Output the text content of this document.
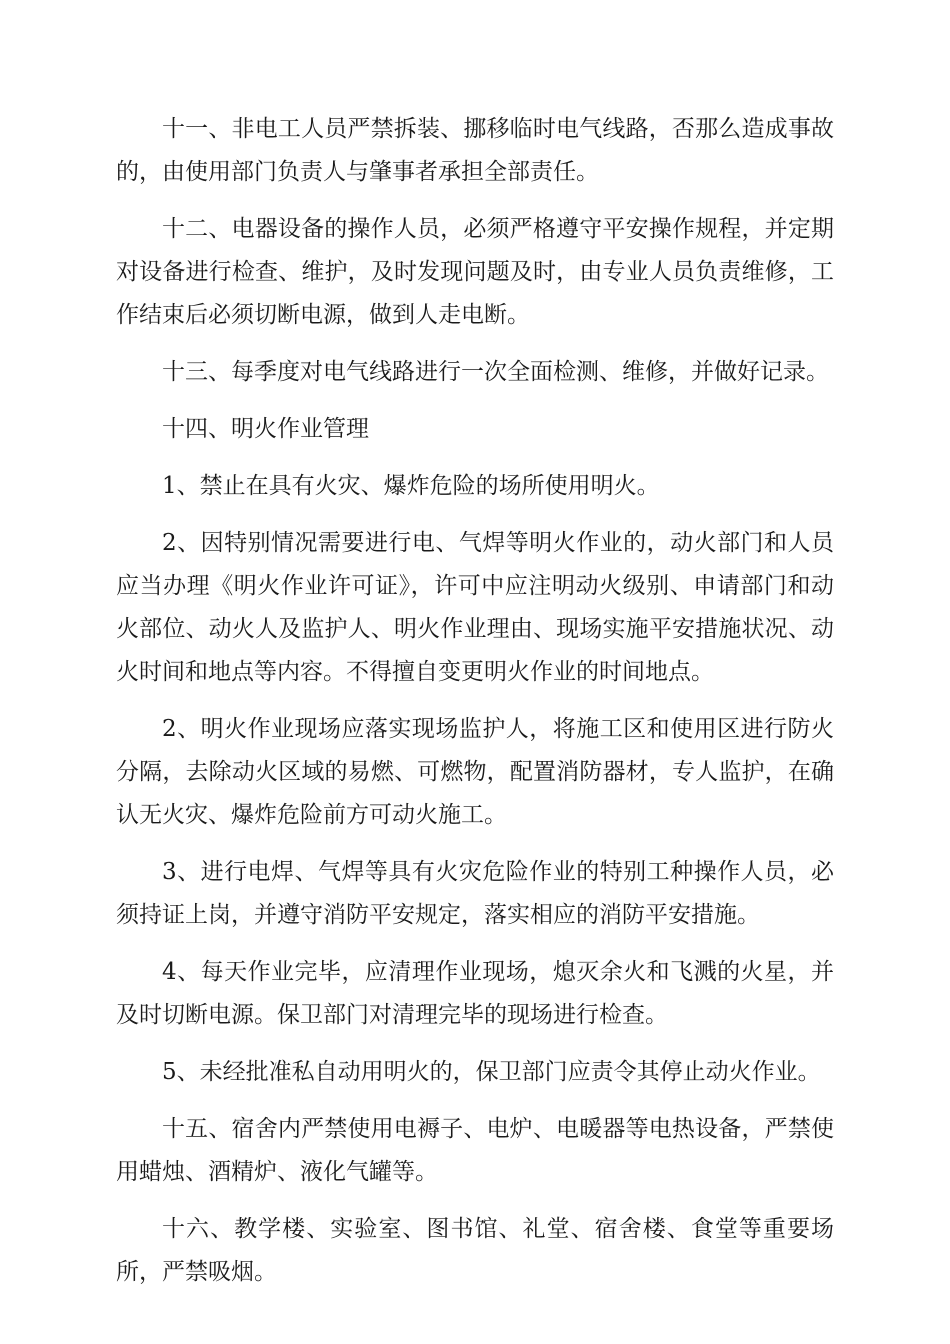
十一、非电工人员严禁拆装、挪移临时电气线路，否那么造成事故的，由使用部门负责人与肇事者承担全部责任。

十二、电器设备的操作人员，必须严格遵守平安操作规程，并定期对设备进行检查、维护，及时发现问题及时，由专业人员负责维修，工作结束后必须切断电源，做到人走电断。

十三、每季度对电气线路进行一次全面检测、维修，并做好记录。

十四、明火作业管理

1、禁止在具有火灾、爆炸危险的场所使用明火。

2、因特别情况需要进行电、气焊等明火作业的，动火部门和人员应当办理《明火作业许可证》，许可中应注明动火级别、申请部门和动火部位、动火人及监护人、明火作业理由、现场实施平安措施状况、动火时间和地点等内容。不得擅自变更明火作业的时间地点。

2、明火作业现场应落实现场监护人，将施工区和使用区进行防火分隔，去除动火区域的易燃、可燃物，配置消防器材，专人监护，在确认无火灾、爆炸危险前方可动火施工。

3、进行电焊、气焊等具有火灾危险作业的特别工种操作人员，必须持证上岗，并遵守消防平安规定，落实相应的消防平安措施。

4、每天作业完毕，应清理作业现场，熄灭余火和飞溅的火星，并及时切断电源。保卫部门对清理完毕的现场进行检查。

5、未经批准私自动用明火的，保卫部门应责令其停止动火作业。

十五、宿舍内严禁使用电褥子、电炉、电暖器等电热设备，严禁使用蜡烛、酒精炉、液化气罐等。

十六、教学楼、实验室、图书馆、礼堂、宿舍楼、食堂等重要场所，严禁吸烟。
